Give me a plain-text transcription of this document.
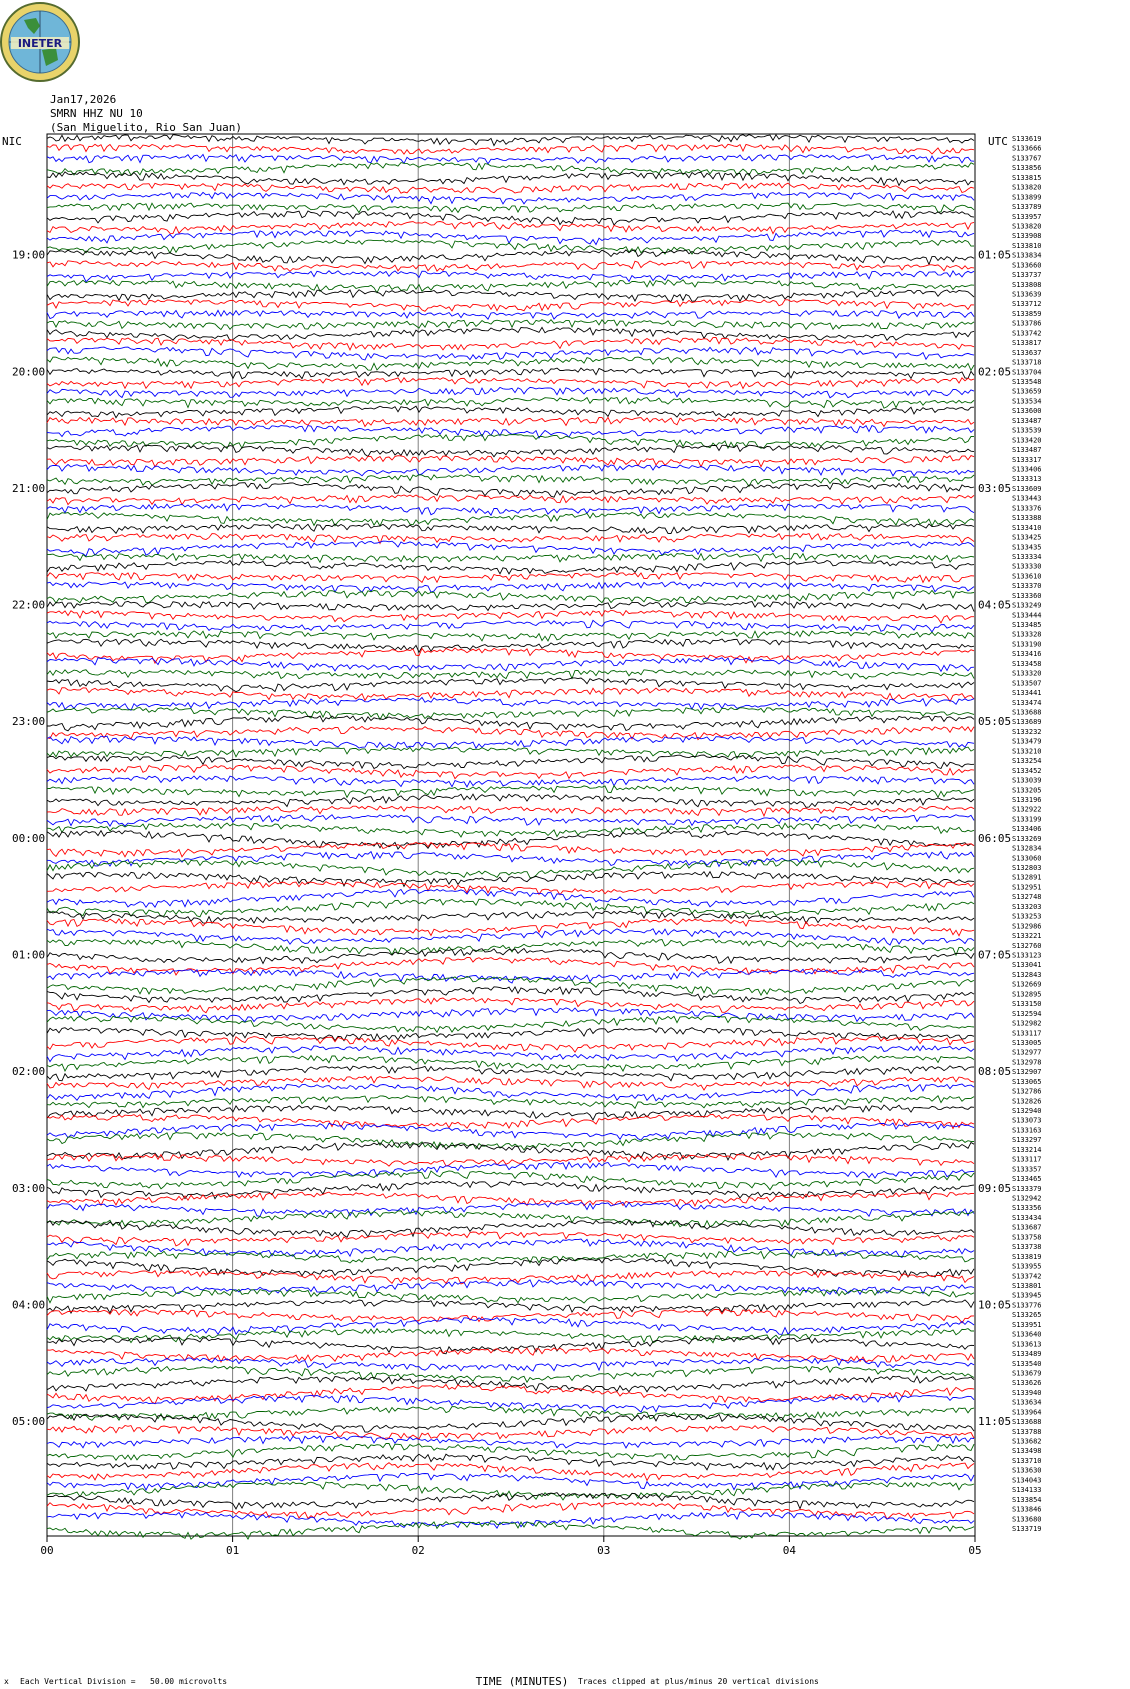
INETER
Jan17,2026
SMRN HHZ NU 10
(San Miguelito, Rio San Juan)
19:00
20:00
21:00
22:00
23:00
00:00
01:00
02:00
03:00
04:00
05:00
01:05
02:05
03:05
04:05
05:05
06:05
07:05
08:05
09:05
10:05
11:05
S133619
S133666
S133767
S133856
S133815
S133820
S133899
S133789
S133957
S133820
S133908
S133810
S133834
S133660
S133737
S133808
S133639
S133712
S133859
S133786
S133742
S133817
S133637
S133718
S133704
S133548
S133659
S133534
S133600
S133487
S133539
S133420
S133487
S133317
S133406
S133313
S133609
S133443
S133376
S133388
S133410
S133425
S133435
S133334
S133330
S133610
S133370
S133360
S133249
S133444
S133485
S133328
S133190
S133416
S133458
S133320
S133507
S133441
S133474
S133688
S133689
S133232
S133479
S133210
S133254
S133452
S133039
S133205
S133196
S132922
S133199
S133406
S133269
S132834
S133060
S132803
S132891
S132951
S132748
S133203
S133253
S132986
S133221
S132760
S133123
S133041
S132843
S132669
S132895
S133150
S132594
S132982
S133117
S133005
S132977
S132978
S132907
S133065
S132786
S132826
S132940
S133073
S133163
S133297
S133214
S133117
S133357
S133465
S133379
S132942
S133356
S133434
S133687
S133758
S133738
S133819
S133955
S133742
S133801
S133945
S133776
S133265
S133951
S133640
S133613
S133489
S133540
S133679
S133626
S133940
S133634
S133964
S133688
S133788
S133682
S133498
S133710
S133630
S134043
S134133
S133854
S133846
S133680
S133719
00	01	02	03	04	05
NIC	UTC
x Each Vertical Division =   50.00 microvolts	TIME (MINUTES) Traces clipped at plus/minus 20 vertical divisions
